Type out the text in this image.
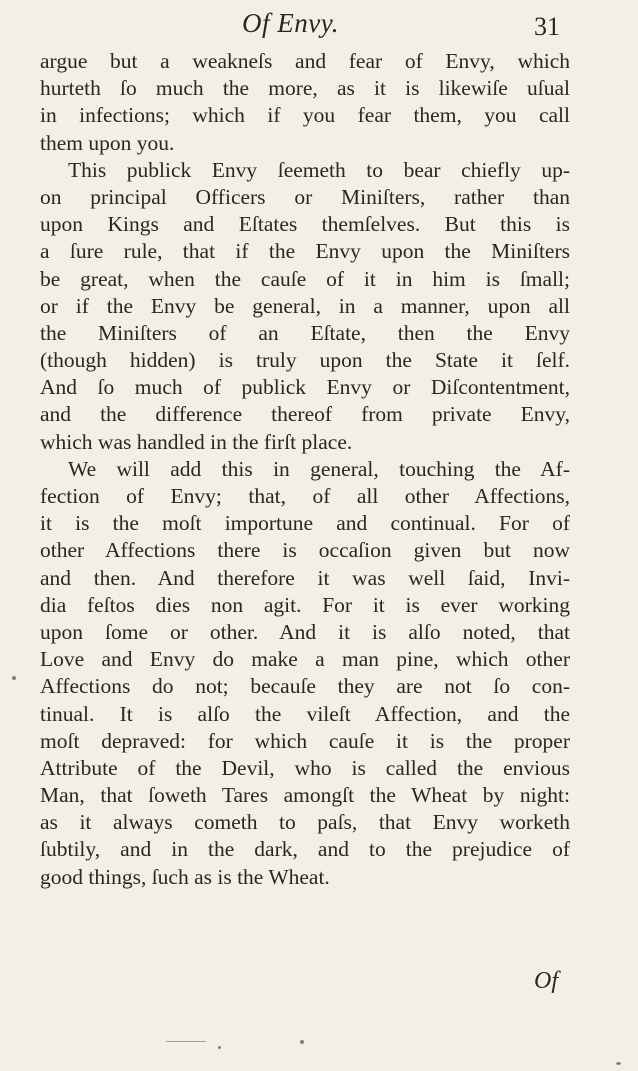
Of Envy.	31
argue but a weakneſs and fear of Envy, which
hurteth ſo much the more, as it is likewiſe uſual
in infections; which if you fear them, you call
them upon you.
This publick Envy ſeemeth to bear chiefly up-
on principal Officers or Miniſters, rather than
upon Kings and Eſtates themſelves. But this is
a ſure rule, that if the Envy upon the Miniſters
be great, when the cauſe of it in him is ſmall;
or if the Envy be general, in a manner, upon all
the Miniſters of an Eſtate, then the Envy
(though hidden) is truly upon the State it ſelf.
And ſo much of publick Envy or Diſcontentment,
and the difference thereof from private Envy,
which was handled in the firſt place.
We will add this in general, touching the Af-
fection of Envy; that, of all other Affections,
it is the moſt importune and continual. For of
other Affections there is occaſion given but now
and then. And therefore it was well ſaid, Invi-
dia feſtos dies non agit. For it is ever working
upon ſome or other. And it is alſo noted, that
Love and Envy do make a man pine, which other
Affections do not; becauſe they are not ſo con-
tinual. It is alſo the vileſt Affection, and the
moſt depraved: for which cauſe it is the proper
Attribute of the Devil, who is called the envious
Man, that ſoweth Tares amongſt the Wheat by night:
as it always cometh to paſs, that Envy worketh
ſubtily, and in the dark, and to the prejudice of
good things, ſuch as is the Wheat.
Of
